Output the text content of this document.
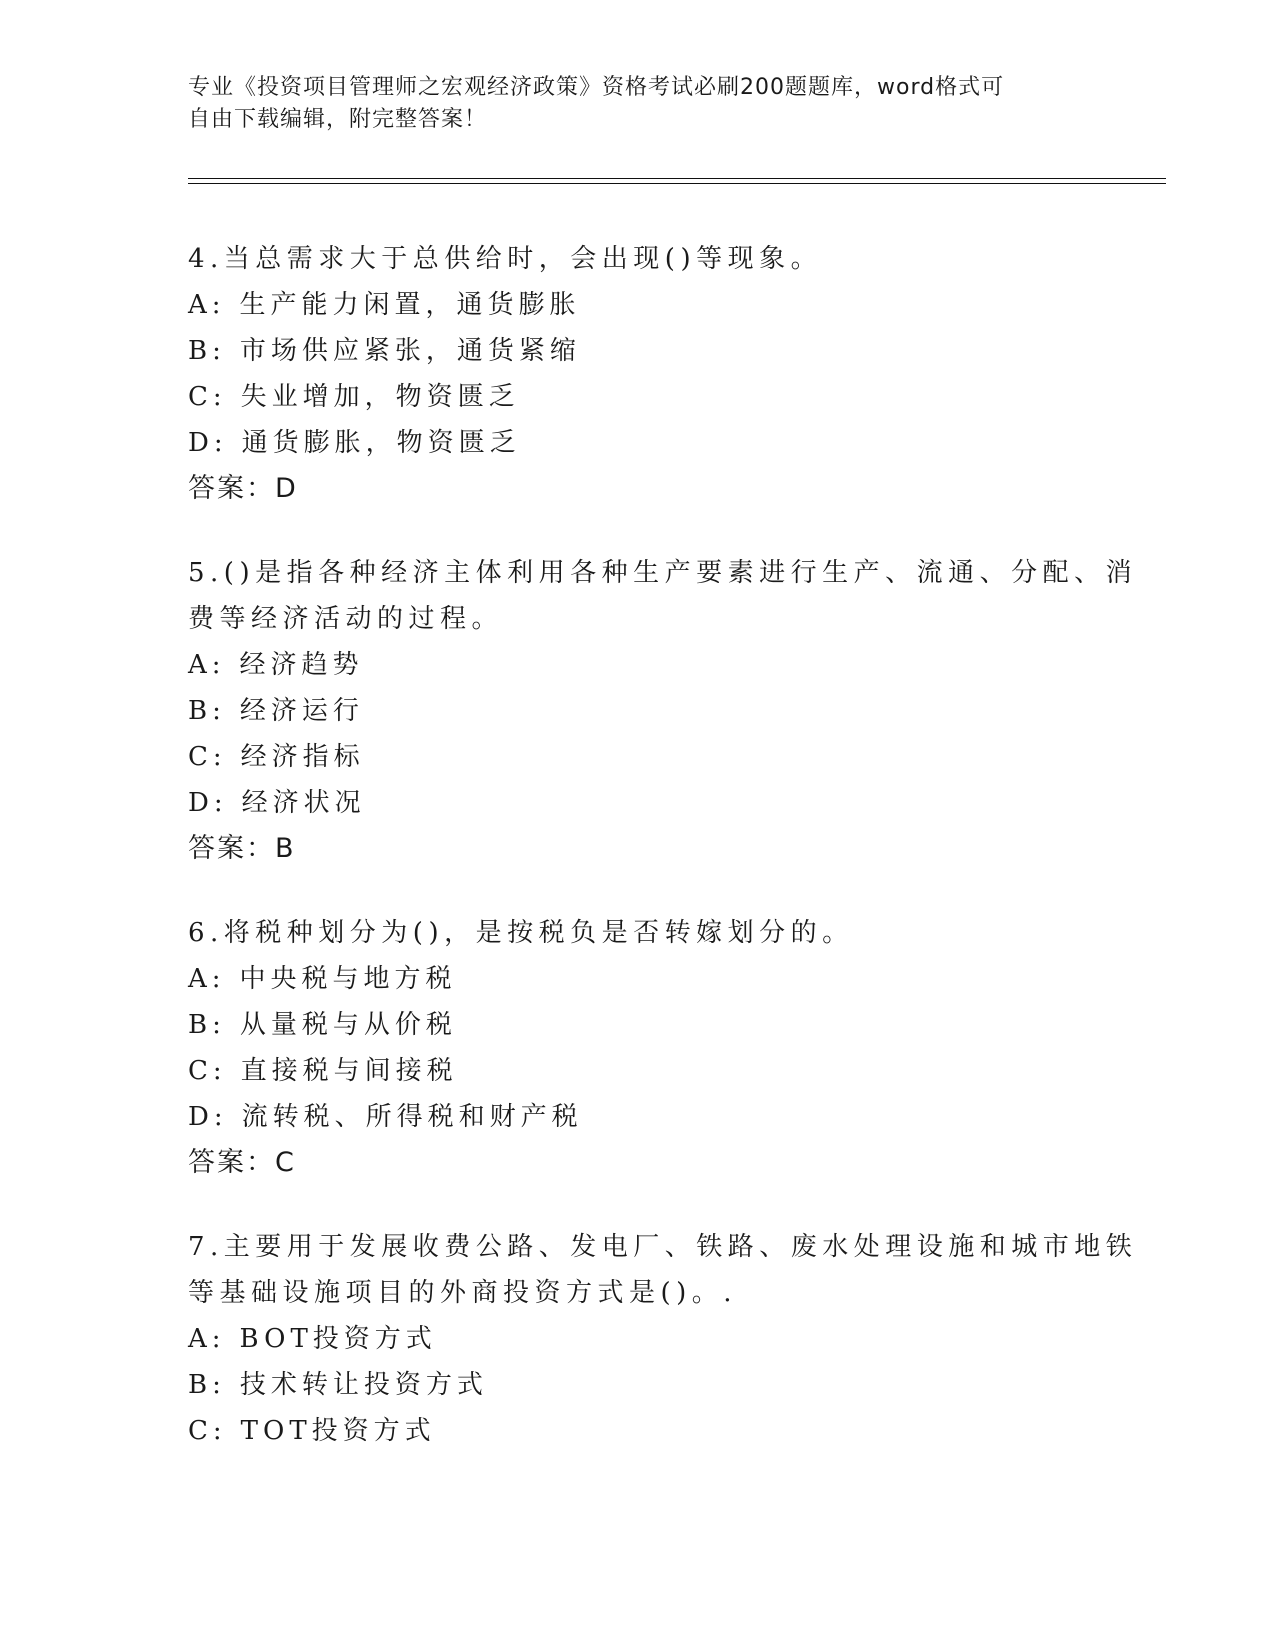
专业《投资项目管理师之宏观经济政策》资格考试必刷200题题库，word格式可
自由下载编辑，附完整答案！
4.当总需求大于总供给时，会出现()等现象。
A: 生产能力闲置，通货膨胀
B: 市场供应紧张，通货紧缩
C: 失业增加，物资匮乏
D: 通货膨胀，物资匮乏
答案：D
5.()是指各种经济主体利用各种生产要素进行生产、流通、分配、消
费等经济活动的过程。
A: 经济趋势
B: 经济运行
C: 经济指标
D: 经济状况
答案：B
6.将税种划分为()，是按税负是否转嫁划分的。
A: 中央税与地方税
B: 从量税与从价税
C: 直接税与间接税
D: 流转税、所得税和财产税
答案：C
7.主要用于发展收费公路、发电厂、铁路、废水处理设施和城市地铁
等基础设施项目的外商投资方式是()。.
A: BOT投资方式
B: 技术转让投资方式
C: TOT投资方式
